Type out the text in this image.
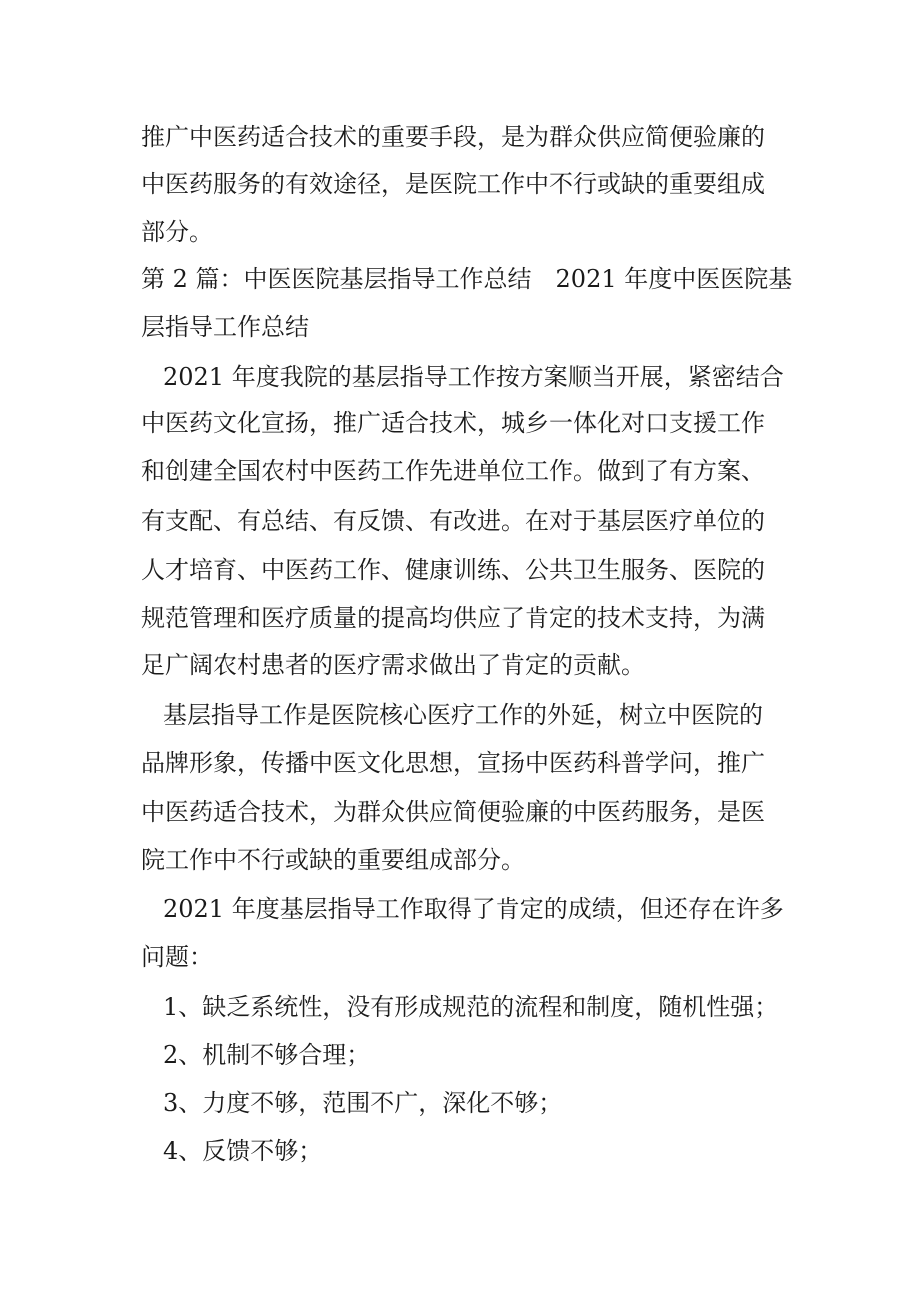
推广中医药适合技术的重要手段，是为群众供应简便验廉的
中医药服务的有效途径，是医院工作中不行或缺的重要组成
部分。
第 2 篇：中医医院基层指导工作总结　2021 年度中医医院基
层指导工作总结
2021 年度我院的基层指导工作按方案顺当开展，紧密结合
中医药文化宣扬，推广适合技术，城乡一体化对口支援工作
和创建全国农村中医药工作先进单位工作。做到了有方案、
有支配、有总结、有反馈、有改进。在对于基层医疗单位的
人才培育、中医药工作、健康训练、公共卫生服务、医院的
规范管理和医疗质量的提高均供应了肯定的技术支持，为满
足广阔农村患者的医疗需求做出了肯定的贡献。
基层指导工作是医院核心医疗工作的外延，树立中医院的
品牌形象，传播中医文化思想，宣扬中医药科普学问，推广
中医药适合技术，为群众供应简便验廉的中医药服务，是医
院工作中不行或缺的重要组成部分。
2021 年度基层指导工作取得了肯定的成绩，但还存在许多
问题：
1、缺乏系统性，没有形成规范的流程和制度，随机性强；
2、机制不够合理；
3、力度不够，范围不广，深化不够；
4、反馈不够；
